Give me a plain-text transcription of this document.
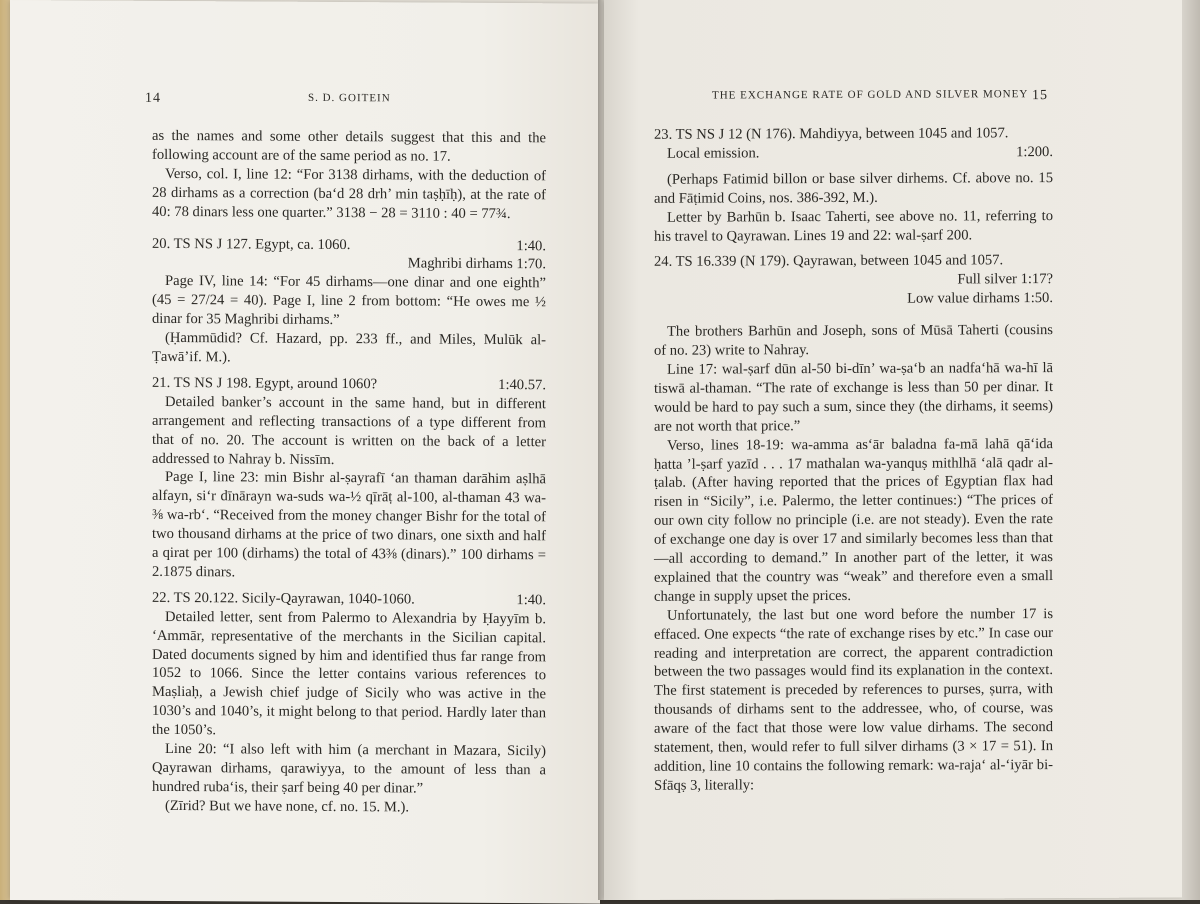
14	S. D. GOITEIN

as the names and some other details suggest that this and the following account are of the same period as no. 17.

Verso, col. I, line 12: “For 3138 dirhams, with the deduction of 28 dirhams as a correction (ba‘d 28 drh’ min taṣḥīḥ), at the rate of 40: 78 dinars less one quarter.” 3138 − 28 = 3110 : 40 = 77¾.

20. TS NS J 127. Egypt, ca. 1060.	1:40.

Maghribi dirhams 1:70.

Page IV, line 14: “For 45 dirhams—one dinar and one eighth” (45 = 27/24 = 40). Page I, line 2 from bottom: “He owes me ½ dinar for 35 Maghribi dirhams.”

(Ḥammūdid? Cf. Hazard, pp. 233 ff., and Miles, Mulūk al-Ṭawā’if. M.).

21. TS NS J 198. Egypt, around 1060?	1:40.57.

Detailed banker’s account in the same hand, but in different arrangement and reflecting transactions of a type different from that of no. 20. The account is written on the back of a letter addressed to Nahray b. Nissīm.

Page I, line 23: min Bishr al-ṣayrafī ‘an thaman darāhim aṣlhā alfayn, si‘r dīnārayn wa-suds wa-½ qīrāṭ al-100, al-thaman 43 wa-⅜ wa-rb‘. “Received from the money changer Bishr for the total of two thousand dirhams at the price of two dinars, one sixth and half a qirat per 100 (dirhams) the total of 43⅜ (dinars).” 100 dirhams = 2.1875 dinars.

22. TS 20.122. Sicily-Qayrawan, 1040-1060.	1:40.

Detailed letter, sent from Palermo to Alexandria by Ḥayyīm b. ‘Ammār, representative of the merchants in the Sicilian capital. Dated documents signed by him and identified thus far range from 1052 to 1066. Since the letter contains various references to Maṣliaḥ, a Jewish chief judge of Sicily who was active in the 1030’s and 1040’s, it might belong to that period. Hardly later than the 1050’s.

Line 20: “I also left with him (a merchant in Mazara, Sicily) Qayrawan dirhams, qarawiyya, to the amount of less than a hundred ruba‘is, their ṣarf being 40 per dinar.”

(Zīrid? But we have none, cf. no. 15. M.).

THE EXCHANGE RATE OF GOLD AND SILVER MONEY 15

23. TS NS J 12 (N 176). Mahdiyya, between 1045 and 1057.

Local emission.	1:200.

(Perhaps Fatimid billon or base silver dirhems. Cf. above no. 15 and Fāṭimid Coins, nos. 386-392, M.).

Letter by Barhūn b. Isaac Taherti, see above no. 11, referring to his travel to Qayrawan. Lines 19 and 22: wal-ṣarf 200.

24. TS 16.339 (N 179). Qayrawan, between 1045 and 1057.

Full silver 1:17?

Low value dirhams 1:50.

The brothers Barhūn and Joseph, sons of Mūsā Taherti (cousins of no. 23) write to Nahray.

Line 17: wal-ṣarf dūn al-50 bi-dīn’ wa-ṣa‘b an nadfa‘hā wa-hī lā tiswā al-thaman. “The rate of exchange is less than 50 per dinar. It would be hard to pay such a sum, since they (the dirhams, it seems) are not worth that price.”

Verso, lines 18-19: wa-amma as‘ār baladna fa-mā lahā qā‘ida ḥatta ’l-ṣarf yazīd . . . 17 mathalan wa-yanquṣ mithlhā ‘alā qadr al-ṭalab. (After having reported that the prices of Egyptian flax had risen in “Sicily”, i.e. Palermo, the letter continues:) “The prices of our own city follow no principle (i.e. are not steady). Even the rate of exchange one day is over 17 and similarly becomes less than that—all according to demand.” In another part of the letter, it was explained that the country was “weak” and therefore even a small change in supply upset the prices.

Unfortunately, the last but one word before the number 17 is effaced. One expects “the rate of exchange rises by etc.” In case our reading and interpretation are correct, the apparent contradiction between the two passages would find its explanation in the context. The first statement is preceded by references to purses, ṣurra, with thousands of dirhams sent to the addressee, who, of course, was aware of the fact that those were low value dirhams. The second statement, then, would refer to full silver dirhams (3 × 17 = 51). In addition, line 10 contains the following remark: wa-raja‘ al-‘iyār bi-Sfāqṣ 3, literally:
